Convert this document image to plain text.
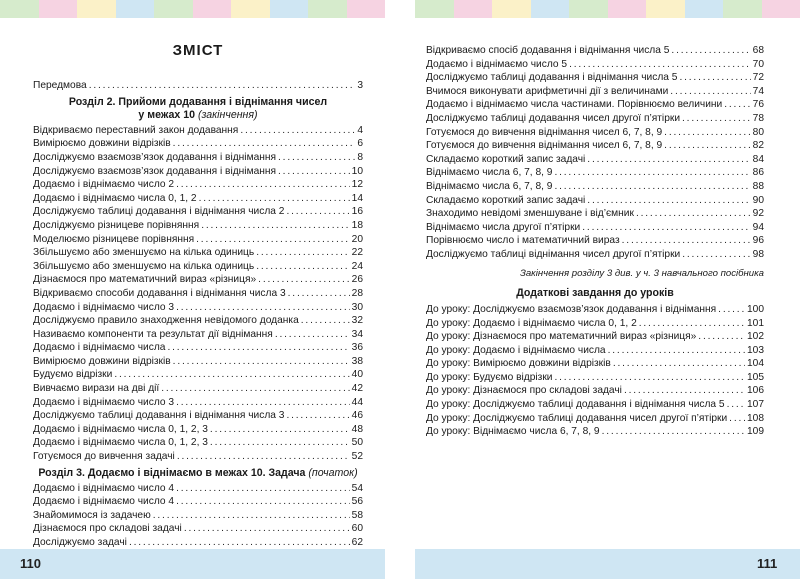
ЗМІСТ
Передмова . . .	3
Розділ 2. Прийоми додавання і віднімання чисел
у межах 10 (закінчення)
Відкриваємо переставний закон додавання . . .	4
Вимірюємо довжини відрізків . . .	6
Досліджуємо взаємозв’язок додавання і віднімання . . .	8
Досліджуємо взаємозв’язок додавання і віднімання . . .	10
Додаємо і віднімаємо число 2 . . .	12
Додаємо і віднімаємо числа 0, 1, 2 . . .	14
Досліджуємо таблиці додавання і віднімання числа 2 . . .	16
Досліджуємо різницеве порівняння . . .	18
Моделюємо різницеве порівняння . . .	20
Збільшуємо або зменшуємо на кілька одиниць . . .	22
Збільшуємо або зменшуємо на кілька одиниць . . .	24
Дізнаємося про математичний вираз «різниця» . . .	26
Відкриваємо способи додавання і віднімання числа 3 . . .	28
Додаємо і віднімаємо число 3 . . .	30
Досліджуємо правило знаходження невідомого доданка . . .	32
Називаємо компоненти та результат дії віднімання . . .	34
Додаємо і віднімаємо числа . . .	36
Вимірюємо довжини відрізків . . .	38
Будуємо відрізки . . .	40
Вивчаємо вирази на дві дії . . .	42
Додаємо і віднімаємо число 3 . . .	44
Досліджуємо таблиці додавання і віднімання числа 3 . . .	46
Додаємо і віднімаємо числа 0, 1, 2, 3 . . .	48
Додаємо і віднімаємо числа 0, 1, 2, 3 . . .	50
Готуємося до вивчення задачі . . .	52
Розділ 3. Додаємо і віднімаємо в межах 10. Задача (початок)
Додаємо і віднімаємо число 4 . . .	54
Додаємо і віднімаємо число 4 . . .	56
Знайомимося із задачею . . .	58
Дізнаємося про складові задачі . . .	60
Досліджуємо задачі . . .	62
. . .
. . .
Відкриваємо спосіб додавання і віднімання числа 5 . . .	68
Додаємо і віднімаємо число 5 . . .	70
Досліджуємо таблиці додавання і віднімання числа 5 . . .	72
Вчимося виконувати арифметичні дії з величинами . . .	74
Додаємо і віднімаємо числа частинами. Порівнюємо величини . . .	76
Досліджуємо таблиці додавання чисел другої п’ятірки . . .	78
Готуємося до вивчення віднімання чисел 6, 7, 8, 9 . . .	80
Готуємося до вивчення віднімання чисел 6, 7, 8, 9 . . .	82
Складаємо короткий запис задачі . . .	84
Віднімаємо числа 6, 7, 8, 9 . . .	86
Віднімаємо числа 6, 7, 8, 9 . . .	88
Складаємо короткий запис задачі . . .	90
Знаходимо невідомі зменшуване і від’ємник . . .	92
Віднімаємо числа другої п’ятірки . . .	94
Порівнюємо число і математичний вираз . . .	96
Досліджуємо таблиці віднімання чисел другої п’ятірки . . .	98
Закінчення розділу 3 див. у ч. 3 навчального посібника
Додаткові завдання до уроків
До уроку: Досліджуємо взаємозв’язок додавання і віднімання . . .	100
До уроку: Додаємо і віднімаємо числа 0, 1, 2 . . .	101
До уроку: Дізнаємося про математичний вираз «різниця» . . .	102
До уроку: Додаємо і віднімаємо числа . . .	103
До уроку: Вимірюємо довжини відрізків . . .	104
До уроку: Будуємо відрізки . . .	105
До уроку: Дізнаємося про складові задачі . . .	106
До уроку: Досліджуємо таблиці додавання і віднімання числа 5 . . . 107
До уроку: Досліджуємо таблиці додавання чисел другої п’ятірки . . . 108
До уроку: Віднімаємо числа 6, 7, 8, 9 . . .	109
110	111
